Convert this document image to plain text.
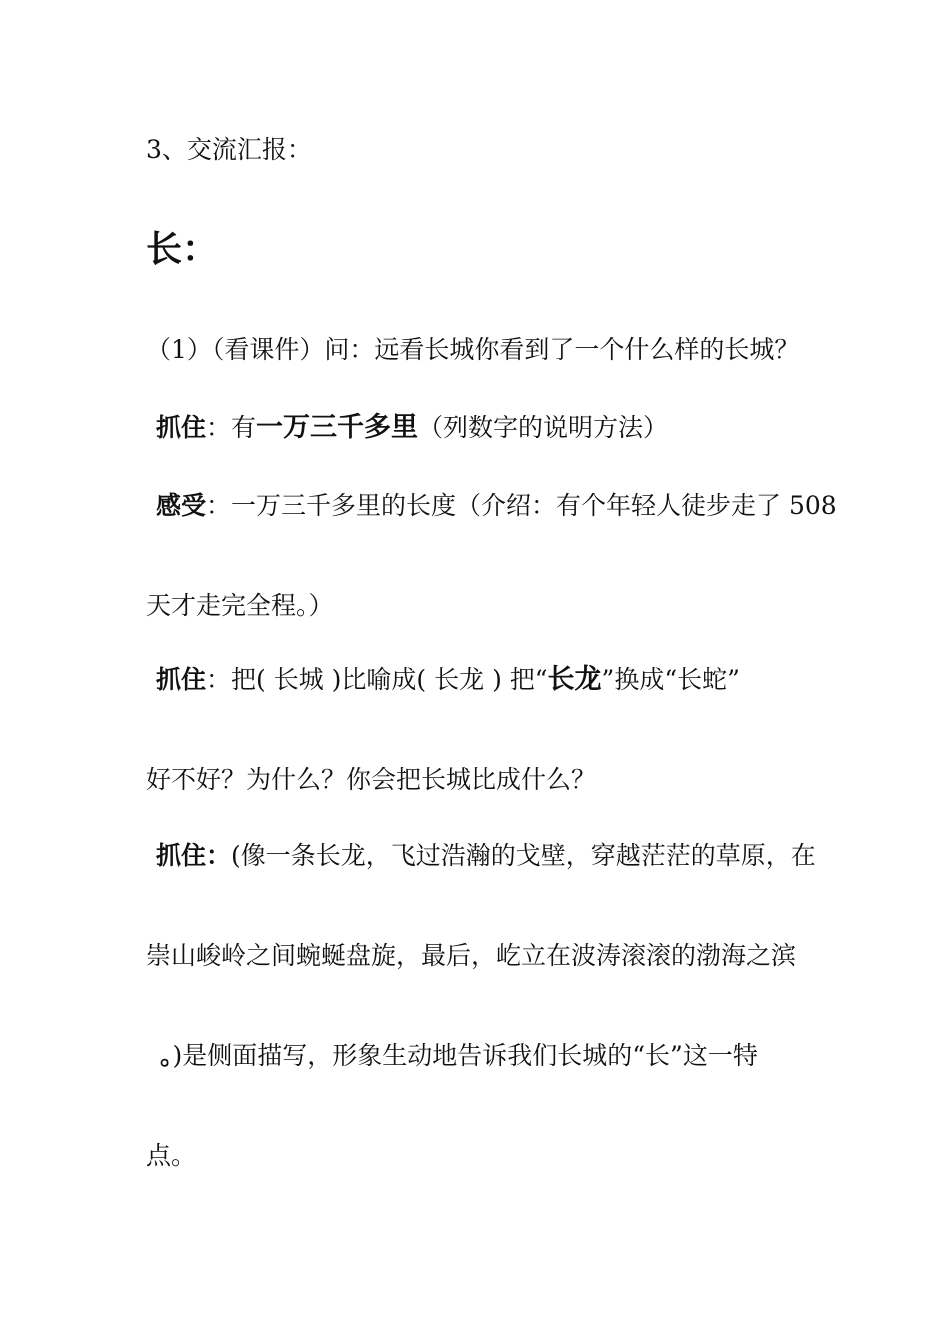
3、交流汇报：
长：
（1）（看课件）问：远看长城你看到了一个什么样的长城？
抓住：有一万三千多里（列数字的说明方法）
感受：一万三千多里的长度（介绍：有个年轻人徒步走了 508
天才走完全程。）
抓住：把( 长城 )比喻成( 长龙 ) 把“长龙”换成“长蛇”
好不好？为什么？你会把长城比成什么？
抓住：(像一条长龙，飞过浩瀚的戈壁，穿越茫茫的草原，在
崇山峻岭之间蜿蜒盘旋，最后，屹立在波涛滚滚的渤海之滨
。)是侧面描写，形象生动地告诉我们长城的“长”这一特
点。
